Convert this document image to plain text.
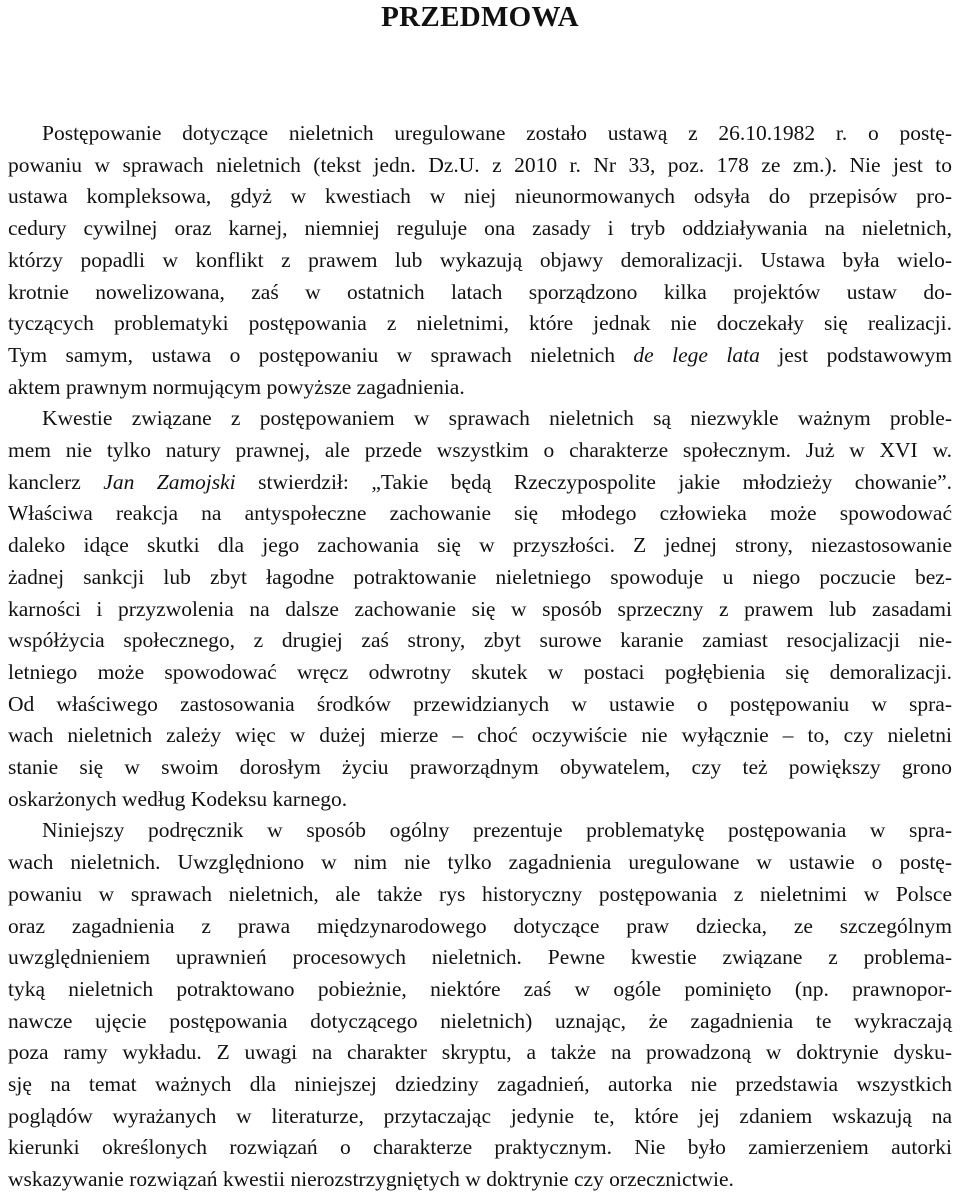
PRZEDMOWA
Postępowanie dotyczące nieletnich uregulowane zostało ustawą z 26.10.1982 r. o postę-
powaniu w sprawach nieletnich (tekst jedn. Dz.U. z 2010 r. Nr 33, poz. 178 ze zm.). Nie jest to
ustawa kompleksowa, gdyż w kwestiach w niej nieunormowanych odsyła do przepisów pro-
cedury cywilnej oraz karnej, niemniej reguluje ona zasady i tryb oddziaływania na nieletnich,
którzy popadli w konflikt z prawem lub wykazują objawy demoralizacji. Ustawa była wielo-
krotnie nowelizowana, zaś w ostatnich latach sporządzono kilka projektów ustaw do-
tyczących problematyki postępowania z nieletnimi, które jednak nie doczekały się realizacji.
Tym samym, ustawa o postępowaniu w sprawach nieletnich de lege lata jest podstawowym
aktem prawnym normującym powyższe zagadnienia.
Kwestie związane z postępowaniem w sprawach nieletnich są niezwykle ważnym proble-
mem nie tylko natury prawnej, ale przede wszystkim o charakterze społecznym. Już w XVI w.
kanclerz Jan Zamojski stwierdził: „Takie będą Rzeczypospolite jakie młodzieży chowanie”.
Właściwa reakcja na antyspołeczne zachowanie się młodego człowieka może spowodować
daleko idące skutki dla jego zachowania się w przyszłości. Z jednej strony, niezastosowanie
żadnej sankcji lub zbyt łagodne potraktowanie nieletniego spowoduje u niego poczucie bez-
karności i przyzwolenia na dalsze zachowanie się w sposób sprzeczny z prawem lub zasadami
współżycia społecznego, z drugiej zaś strony, zbyt surowe karanie zamiast resocjalizacji nie-
letniego może spowodować wręcz odwrotny skutek w postaci pogłębienia się demoralizacji.
Od właściwego zastosowania środków przewidzianych w ustawie o postępowaniu w spra-
wach nieletnich zależy więc w dużej mierze – choć oczywiście nie wyłącznie – to, czy nieletni
stanie się w swoim dorosłym życiu praworządnym obywatelem, czy też powiększy grono
oskarżonych według Kodeksu karnego.
Niniejszy podręcznik w sposób ogólny prezentuje problematykę postępowania w spra-
wach nieletnich. Uwzględniono w nim nie tylko zagadnienia uregulowane w ustawie o postę-
powaniu w sprawach nieletnich, ale także rys historyczny postępowania z nieletnimi w Polsce
oraz zagadnienia z prawa międzynarodowego dotyczące praw dziecka, ze szczególnym
uwzględnieniem uprawnień procesowych nieletnich. Pewne kwestie związane z problema-
tyką nieletnich potraktowano pobieżnie, niektóre zaś w ogóle pominięto (np. prawnopor-
nawcze ujęcie postępowania dotyczącego nieletnich) uznając, że zagadnienia te wykraczają
poza ramy wykładu. Z uwagi na charakter skryptu, a także na prowadzoną w doktrynie dysku-
sję na temat ważnych dla niniejszej dziedziny zagadnień, autorka nie przedstawia wszystkich
poglądów wyrażanych w literaturze, przytaczając jedynie te, które jej zdaniem wskazują na
kierunki określonych rozwiązań o charakterze praktycznym. Nie było zamierzeniem autorki
wskazywanie rozwiązań kwestii nierozstrzygniętych w doktrynie czy orzecznictwie.
